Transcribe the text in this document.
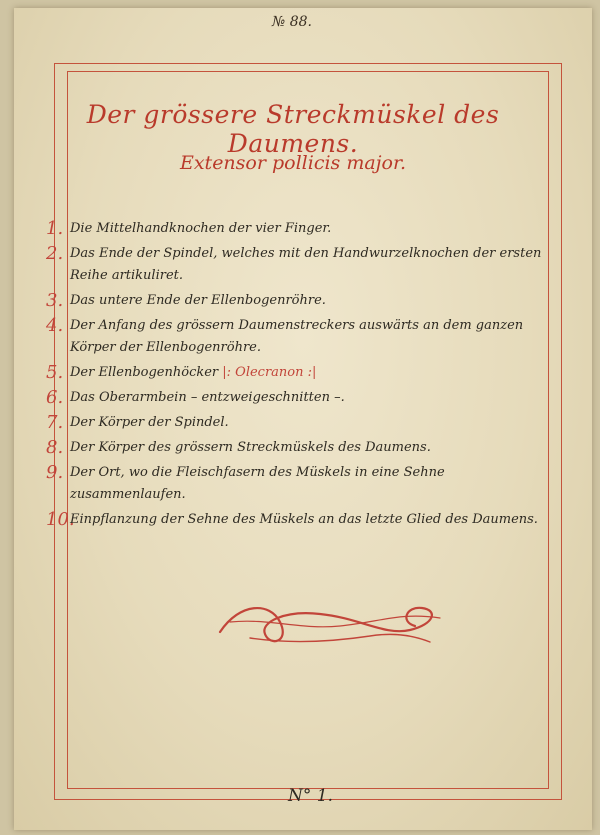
№ 88.
Der grössere Streckmüskel des Daumens.
Extensor pollicis major.
1. Die Mittelhandknochen der vier Finger.
2. Das Ende der Spindel, welches mit den Handwurzelknochen der ersten Reihe artikuliret.
3. Das untere Ende der Ellenbogenröhre.
4. Der Anfang des grössern Daumenstreckers auswärts an dem ganzen Körper der Ellenbogenröhre.
5. Der Ellenbogenhöcker |: Olecranon :|
6. Das Oberarmbein – entzweigeschnitten –.
7. Der Körper der Spindel.
8. Der Körper des grössern Streckmüskels des Daumens.
9. Der Ort, wo die Fleischfasern des Müskels in eine Sehne zusammenlaufen.
10.
Einpflanzung der Sehne des Müskels an das letzte Glied des Daumens.
N° 1.
